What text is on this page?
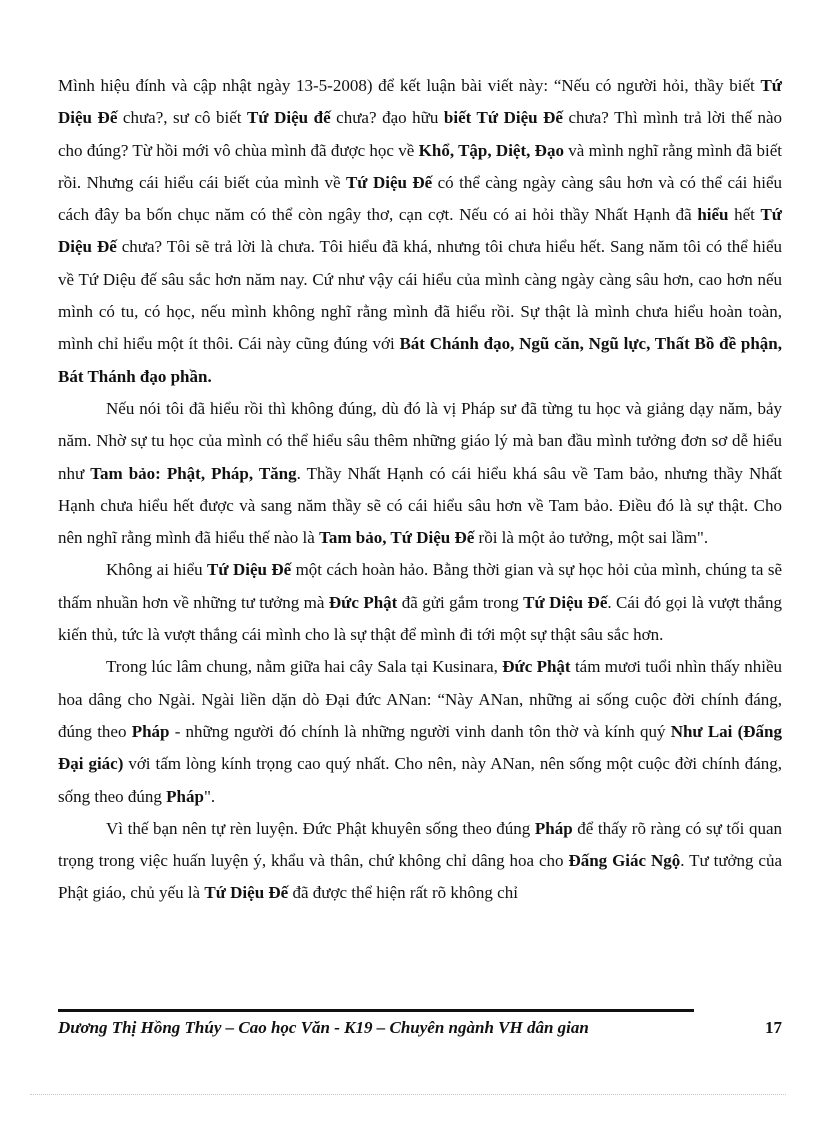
Mình hiệu đính và cập nhật ngày 13-5-2008) để kết luận bài viết này: “Nếu có người hỏi, thầy biết Tứ Diệu Đế chưa?, sư cô biết Tứ Diệu đế chưa? đạo hữu biết Tứ Diệu Đế chưa? Thì mình trả lời thế nào cho đúng? Từ hồi mới vô chùa mình đã được học về Khổ, Tập, Diệt, Đạo và mình nghĩ rằng mình đã biết rồi. Nhưng cái hiểu cái biết của mình về Tứ Diệu Đế có thể càng ngày càng sâu hơn và có thể cái hiểu cách đây ba bốn chục năm có thể còn ngây thơ, cạn cợt. Nếu có ai hỏi thầy Nhất Hạnh đã hiểu hết Tứ Diệu Đế chưa? Tôi sẽ trả lời là chưa. Tôi hiểu đã khá, nhưng tôi chưa hiểu hết. Sang năm tôi có thể hiểu về Tứ Diệu đế sâu sắc hơn năm nay. Cứ như vậy cái hiểu của mình càng ngày càng sâu hơn, cao hơn nếu mình có tu, có học, nếu mình không nghĩ rằng mình đã hiểu rồi. Sự thật là mình chưa hiểu hoàn toàn, mình chỉ hiểu một ít thôi. Cái này cũng đúng với Bát Chánh đạo, Ngũ căn, Ngũ lực, Thất Bồ đề phận, Bát Thánh đạo phần.

Nếu nói tôi đã hiểu rồi thì không đúng, dù đó là vị Pháp sư đã từng tu học và giảng dạy năm, bảy năm. Nhờ sự tu học của mình có thể hiểu sâu thêm những giáo lý mà ban đầu mình tưởng đơn sơ dễ hiểu như Tam bảo: Phật, Pháp, Tăng. Thầy Nhất Hạnh có cái hiểu khá sâu về Tam bảo, nhưng thầy Nhất Hạnh chưa hiểu hết được và sang năm thầy sẽ có cái hiểu sâu hơn về Tam bảo. Điều đó là sự thật. Cho nên nghĩ rằng mình đã hiểu thế nào là Tam bảo, Tứ Diệu Đế rồi là một ảo tưởng, một sai lầm".

Không ai hiểu Tứ Diệu Đế một cách hoàn hảo. Bằng thời gian và sự học hỏi của mình, chúng ta sẽ thấm nhuần hơn về những tư tưởng mà Đức Phật đã gửi gắm trong Tứ Diệu Đế. Cái đó gọi là vượt thắng kiến thủ, tức là vượt thắng cái mình cho là sự thật để mình đi tới một sự thật sâu sắc hơn.

Trong lúc lâm chung, nằm giữa hai cây Sala tại Kusinara, Đức Phật tám mươi tuổi nhìn thấy nhiều hoa dâng cho Ngài. Ngài liền dặn dò Đại đức ANan: “Này ANan, những ai sống cuộc đời chính đáng, đúng theo Pháp - những người đó chính là những người vinh danh tôn thờ và kính quý Như Lai (Đấng Đại giác) với tấm lòng kính trọng cao quý nhất. Cho nên, này ANan, nên sống một cuộc đời chính đáng, sống theo đúng Pháp".

Vì thế bạn nên tự rèn luyện. Đức Phật khuyên sống theo đúng Pháp để thấy rõ ràng có sự tối quan trọng trong việc huấn luyện ý, khẩu và thân, chứ không chỉ dâng hoa cho Đấng Giác Ngộ. Tư tưởng của Phật giáo, chủ yếu là Tứ Diệu Đế đã được thể hiện rất rõ không chỉ

Dương Thị Hồng Thúy – Cao học Văn - K19 – Chuyên ngành VH dân gian	17
